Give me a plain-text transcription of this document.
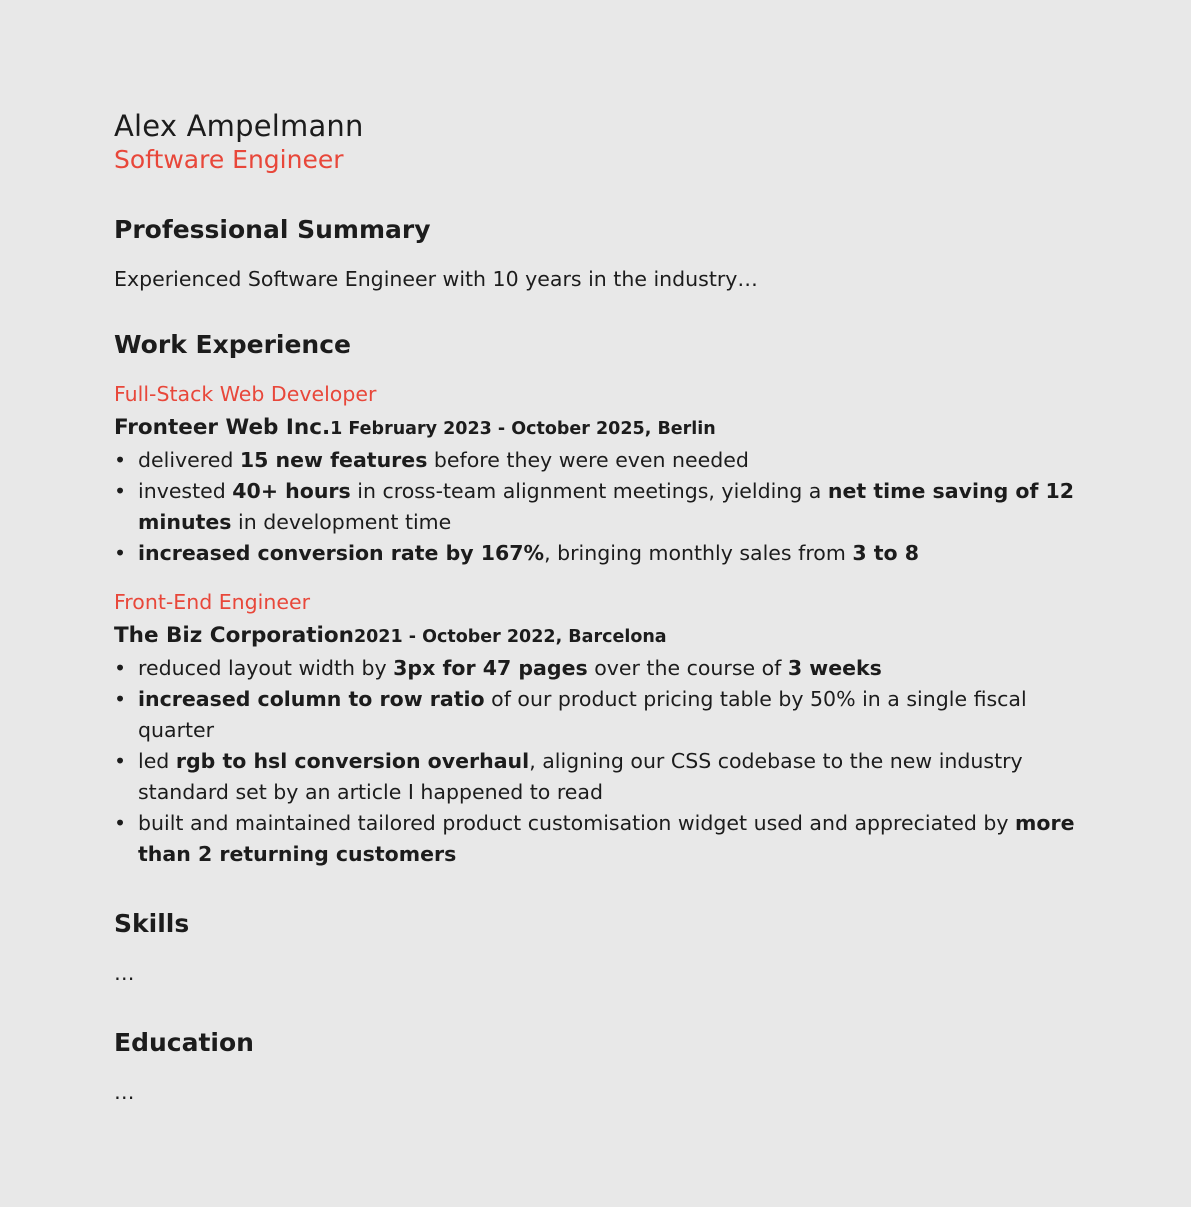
Alex Ampelmann
Software Engineer
Professional Summary

Experienced Software Engineer with 10 years in the industry…

Work Experience
Full-Stack Web Developer
Fronteer Web Inc.1 February 2023 - October 2025, Berlin
• delivered 15 new features before they were even needed
• invested 40+ hours in cross-team alignment meetings, yielding a net time saving of 12 minutes in development time
• increased conversion rate by 167%, bringing monthly sales from 3 to 8
Front-End Engineer
The Biz Corporation2021 - October 2022, Barcelona
• reduced layout width by 3px for 47 pages over the course of 3 weeks
• increased column to row ratio of our product pricing table by 50% in a single fiscal quarter
• led rgb to hsl conversion overhaul, aligning our CSS codebase to the new industry standard set by an article I happened to read
• built and maintained tailored product customisation widget used and appreciated by more than 2 returning customers
Skills

…

Education

…
